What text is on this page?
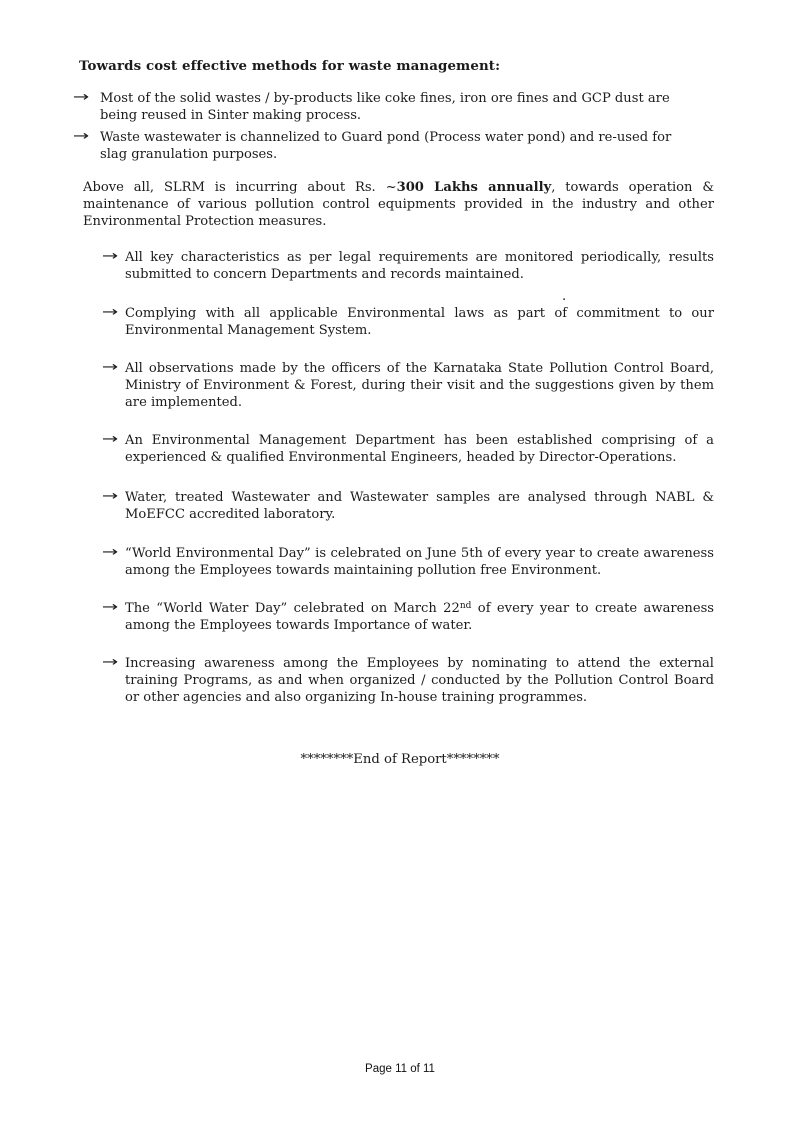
Towards cost effective methods for waste management:
→ Most of the solid wastes / by-products like coke fines, iron ore fines and GCP dust are being reused in Sinter making process.
→ Waste wastewater is channelized to Guard pond (Process water pond) and re-used for slag granulation purposes.
Above all, SLRM is incurring about Rs. ~300 Lakhs annually, towards operation & maintenance of various pollution control equipments provided in the industry and other Environmental Protection measures.
.
→ All key characteristics as per legal requirements are monitored periodically, results submitted to concern Departments and records maintained.
→ Complying with all applicable Environmental laws as part of commitment to our Environmental Management System.
→ All observations made by the officers of the Karnataka State Pollution Control Board, Ministry of Environment & Forest, during their visit and the suggestions given by them are implemented.
→ An Environmental Management Department has been established comprising of a experienced & qualified Environmental Engineers, headed by Director-Operations.
→ Water, treated Wastewater and Wastewater samples are analysed through NABL & MoEFCC accredited laboratory.
→ “World Environmental Day” is celebrated on June 5th of every year to create awareness among the Employees towards maintaining pollution free Environment.
→ The “World Water Day” celebrated on March 22nd of every year to create awareness among the Employees towards Importance of water.
→ Increasing awareness among the Employees by nominating to attend the external training Programs, as and when organized / conducted by the Pollution Control Board or other agencies and also organizing In-house training programmes.
********End of Report********
Page 11 of 11
